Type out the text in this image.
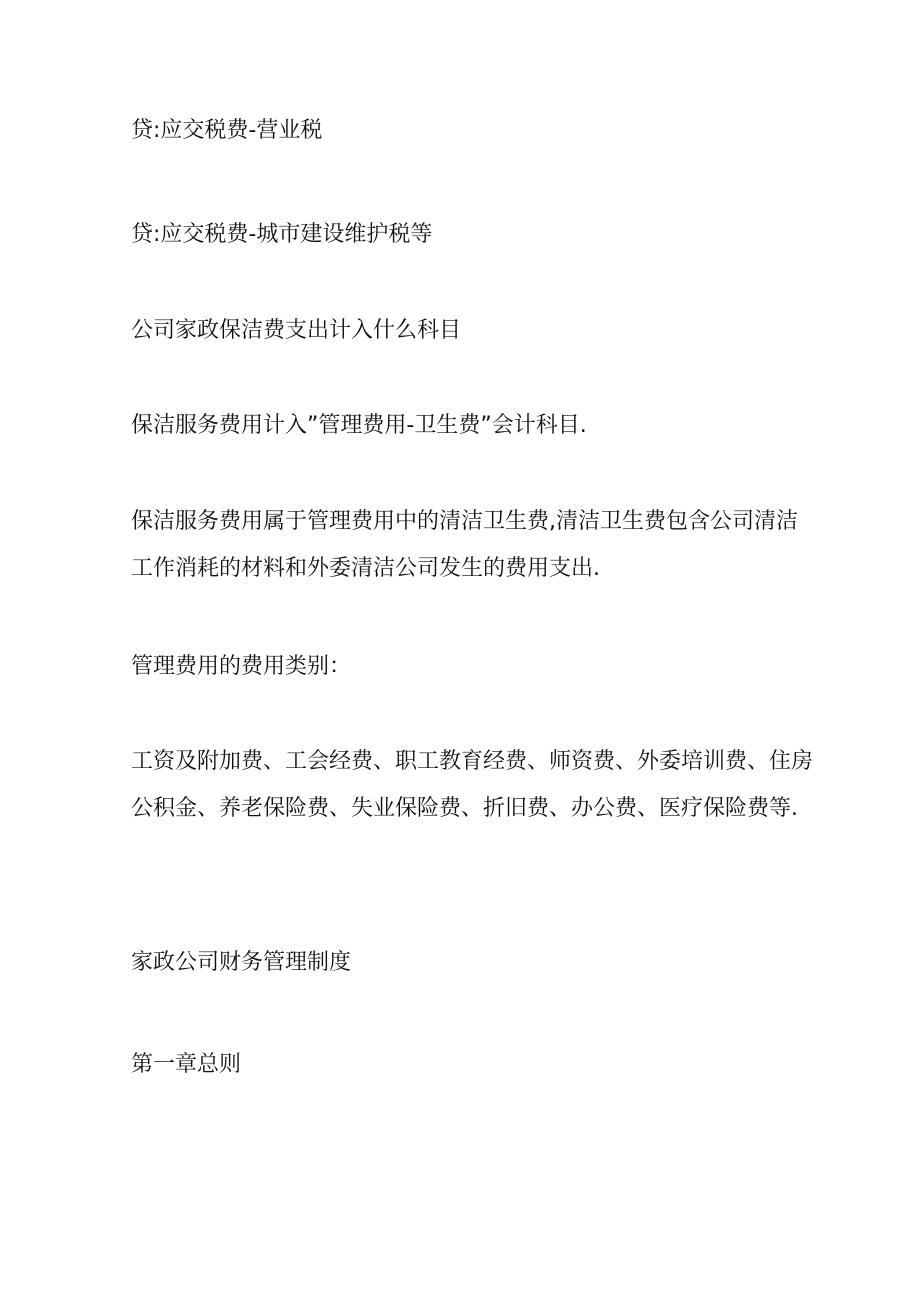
贷:应交税费-营业税

贷:应交税费-城市建设维护税等

公司家政保洁费支出计入什么科目

保洁服务费用计入”管理费用-卫生费”会计科目.

保洁服务费用属于管理费用中的清洁卫生费,清洁卫生费包含公司清洁
工作消耗的材料和外委清洁公司发生的费用支出.

管理费用的费用类别：

工资及附加费、工会经费、职工教育经费、师资费、外委培训费、住房
公积金、养老保险费、失业保险费、折旧费、办公费、医疗保险费等.

家政公司财务管理制度

第一章总则
